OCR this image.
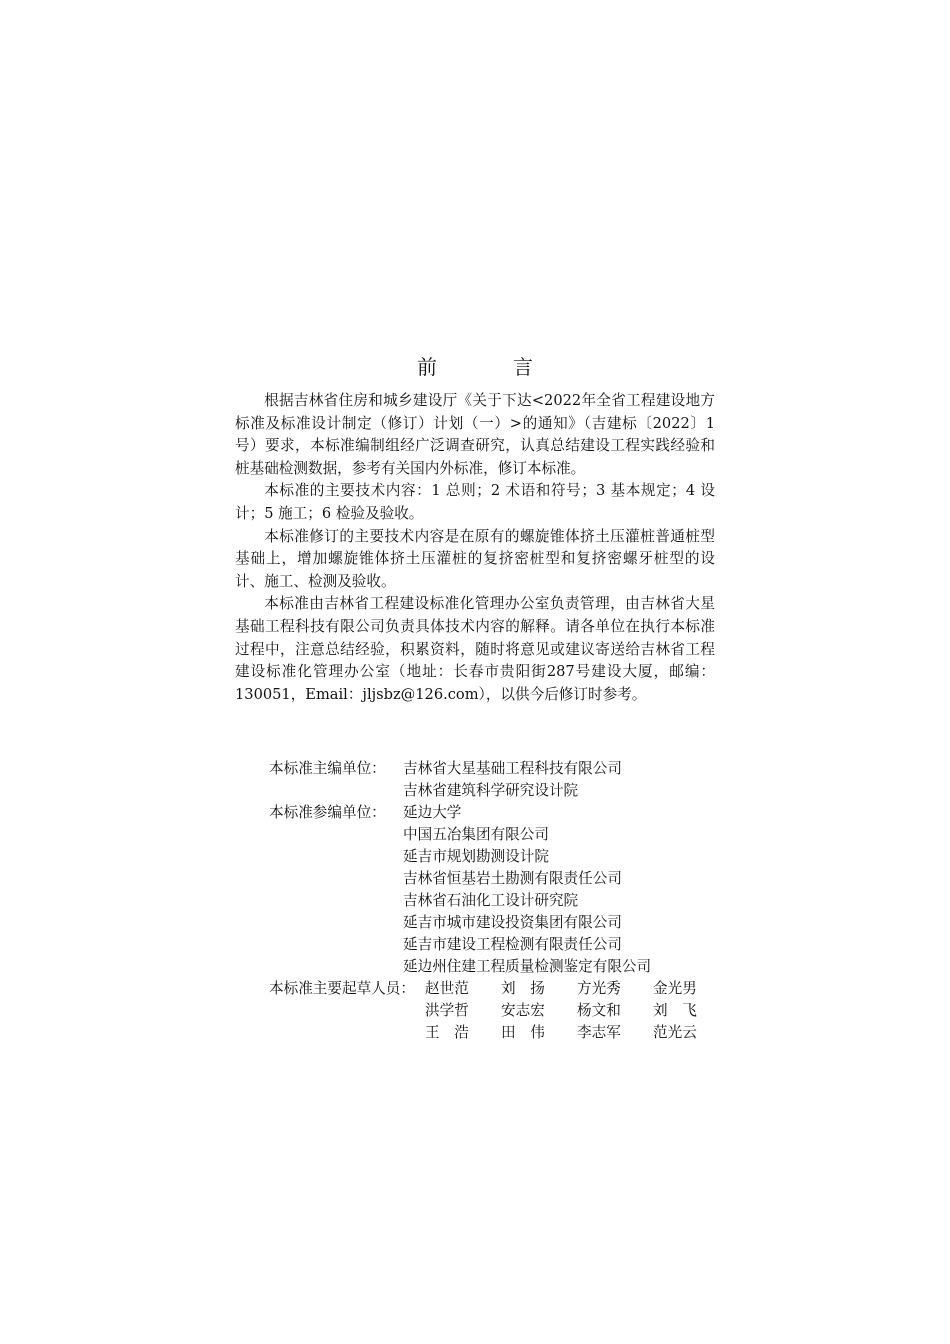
前　言

根据吉林省住房和城乡建设厅《关于下达<2022年全省工程建设地方标准及标准设计制定（修订）计划（一）>的通知》（吉建标〔2022〕1号）要求，本标准编制组经广泛调查研究，认真总结建设工程实践经验和桩基础检测数据，参考有关国内外标准，修订本标准。

本标准的主要技术内容：1 总则；2 术语和符号；3 基本规定；4 设计；5 施工；6 检验及验收。

本标准修订的主要技术内容是在原有的螺旋锥体挤土压灌桩普通桩型基础上，增加螺旋锥体挤土压灌桩的复挤密桩型和复挤密螺牙桩型的设计、施工、检测及验收。

本标准由吉林省工程建设标准化管理办公室负责管理，由吉林省大星基础工程科技有限公司负责具体技术内容的解释。请各单位在执行本标准过程中，注意总结经验，积累资料，随时将意见或建议寄送给吉林省工程建设标准化管理办公室（地址：长春市贵阳街287号建设大厦，邮编：130051，Email：jljsbz@126.com），以供今后修订时参考。

本标准主编单位：	吉林省大星基础工程科技有限公司
吉林省建筑科学研究设计院
本标准参编单位：	延边大学
中国五冶集团有限公司
延吉市规划勘测设计院
吉林省恒基岩土勘测有限责任公司
吉林省石油化工设计研究院
延吉市城市建设投资集团有限公司
延吉市建设工程检测有限责任公司
延边州住建工程质量检测鉴定有限公司
本标准主要起草人员： 赵世范	刘　扬	方光秀	金光男
洪学哲	安志宏	杨文和	刘　飞
王　浩	田　伟	李志军	范光云
